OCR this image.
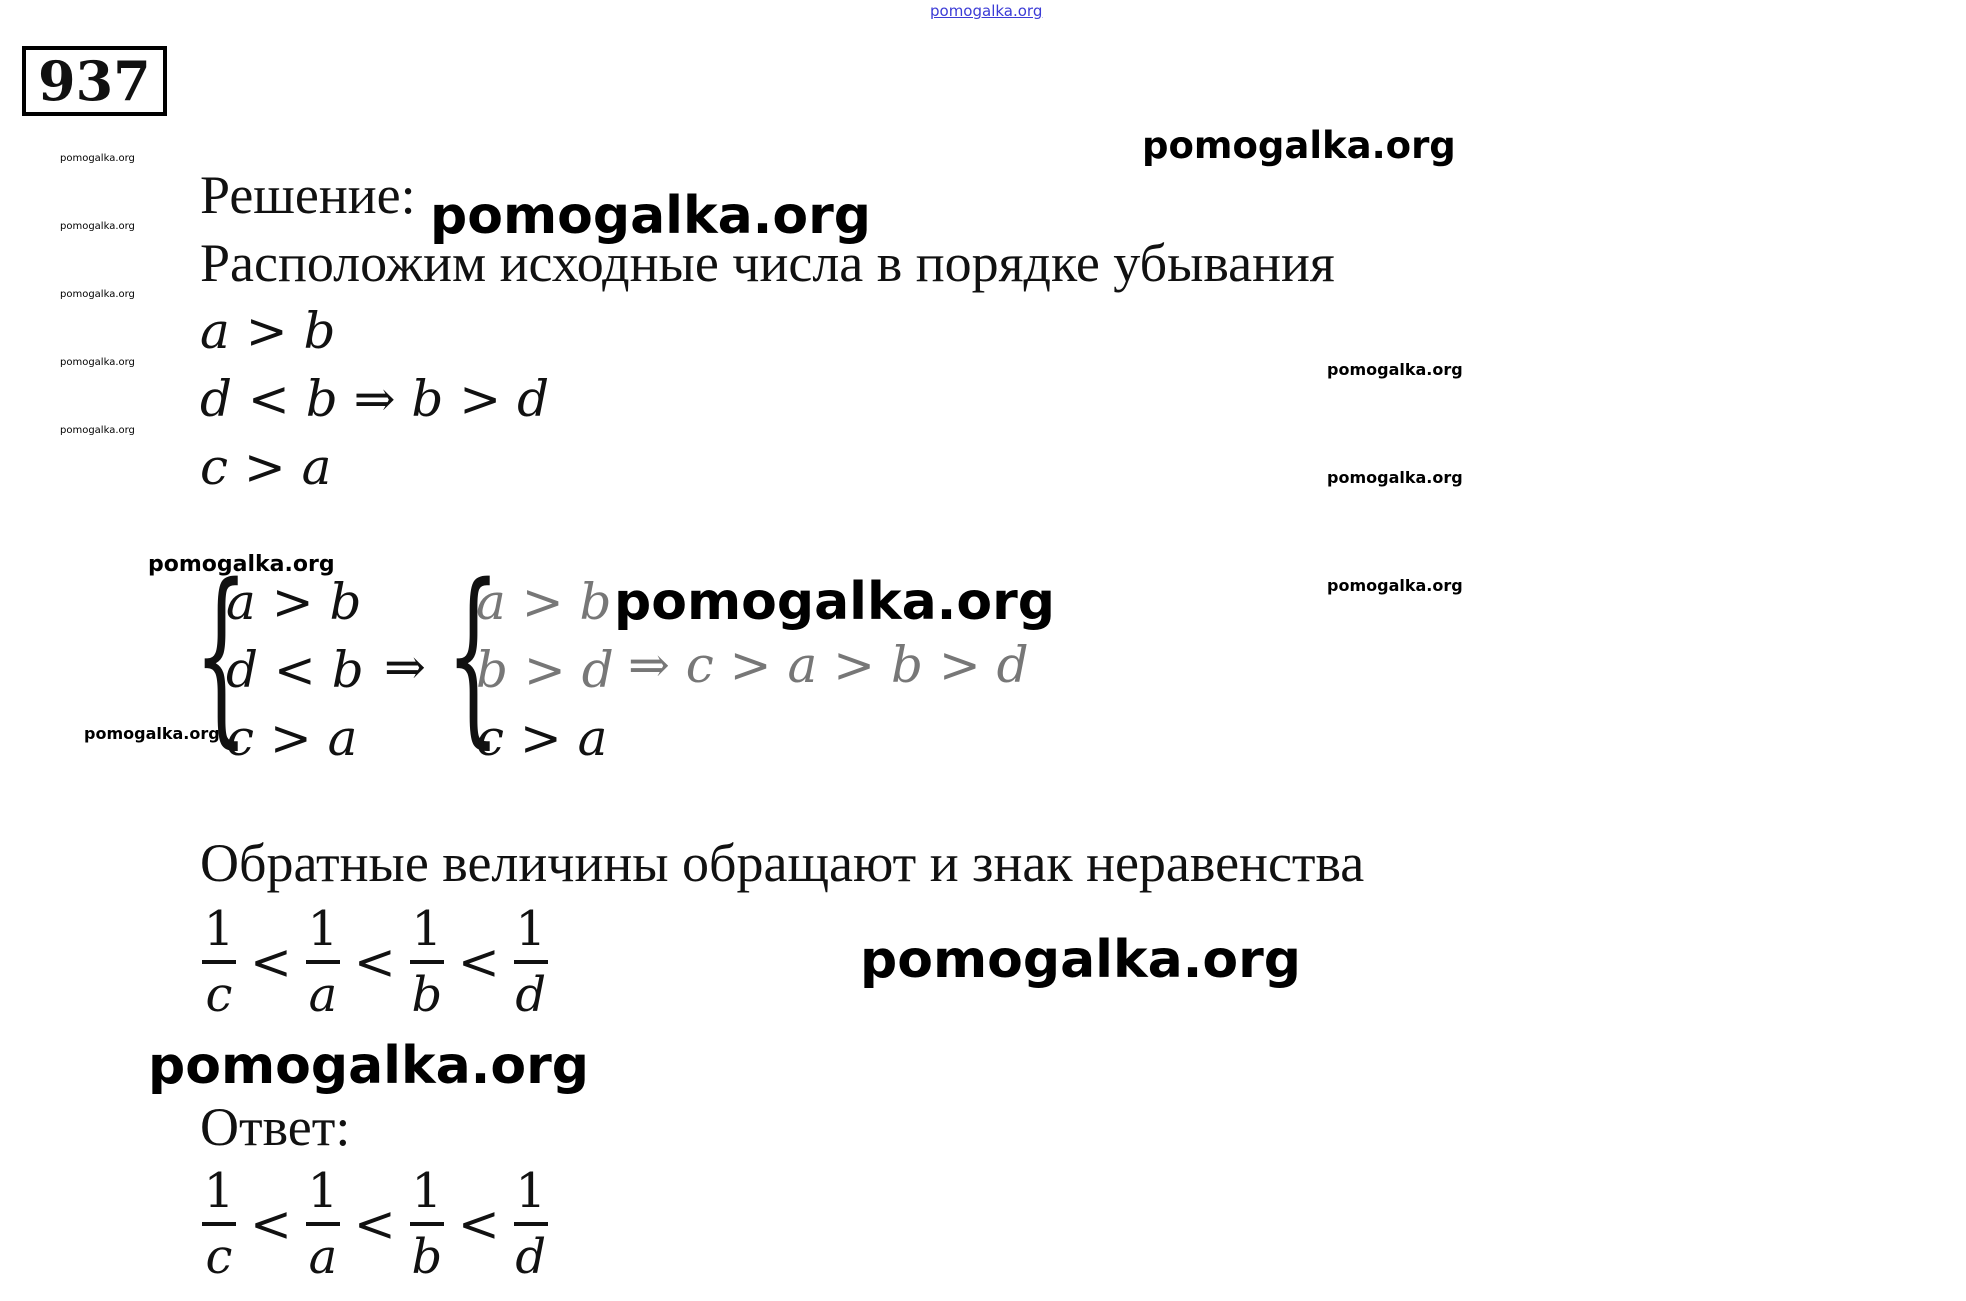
pomogalka.org
937
pomogalka.org
pomogalka.org
pomogalka.org
pomogalka.org
pomogalka.org
pomogalka.org
pomogalka.org
pomogalka.org
pomogalka.org
pomogalka.org
pomogalka.org
pomogalka.org
pomogalka.org
pomogalka.org
pomogalka.org
Решение:
Расположим исходные числа в порядке убывания
a > b
d < b ⇒ b > d
c > a
{
a > b
d < b
c > a
⇒ {
a > b
b > d
c > a
⇒ c > a > b > d
Обратные величины обращают и знак неравенства
$\frac{1}{c} < \frac{1}{a} < \frac{1}{b} < \frac{1}{d}$
Ответ:
$\frac{1}{c} < \frac{1}{a} < \frac{1}{b} < \frac{1}{d}$
